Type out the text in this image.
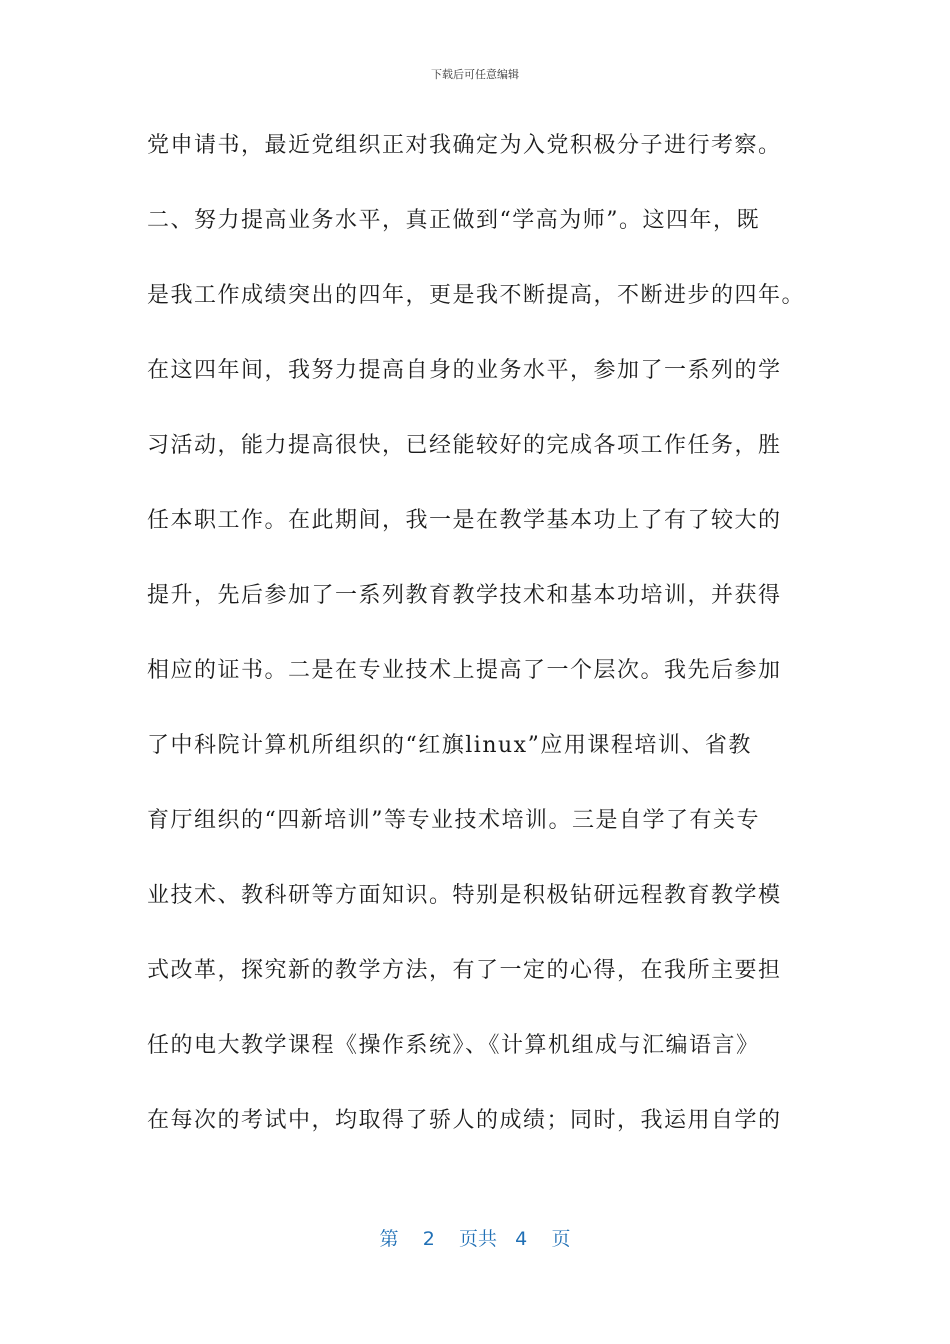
下载后可任意编辑
党申请书，最近党组织正对我确定为入党积极分子进行考察。
二、努力提高业务水平，真正做到“学高为师”。这四年，既
是我工作成绩突出的四年，更是我不断提高，不断进步的四年。
在这四年间，我努力提高自身的业务水平，参加了一系列的学
习活动，能力提高很快，已经能较好的完成各项工作任务，胜
任本职工作。在此期间，我一是在教学基本功上了有了较大的
提升，先后参加了一系列教育教学技术和基本功培训，并获得
相应的证书。二是在专业技术上提高了一个层次。我先后参加
了中科院计算机所组织的“红旗linux”应用课程培训、省教
育厅组织的“四新培训”等专业技术培训。三是自学了有关专
业技术、教科研等方面知识。特别是积极钻研远程教育教学模
式改革，探究新的教学方法，有了一定的心得，在我所主要担
任的电大教学课程《操作系统》、《计算机组成与汇编语言》
在每次的考试中，均取得了骄人的成绩；同时，我运用自学的
第 2 页共 4 页
